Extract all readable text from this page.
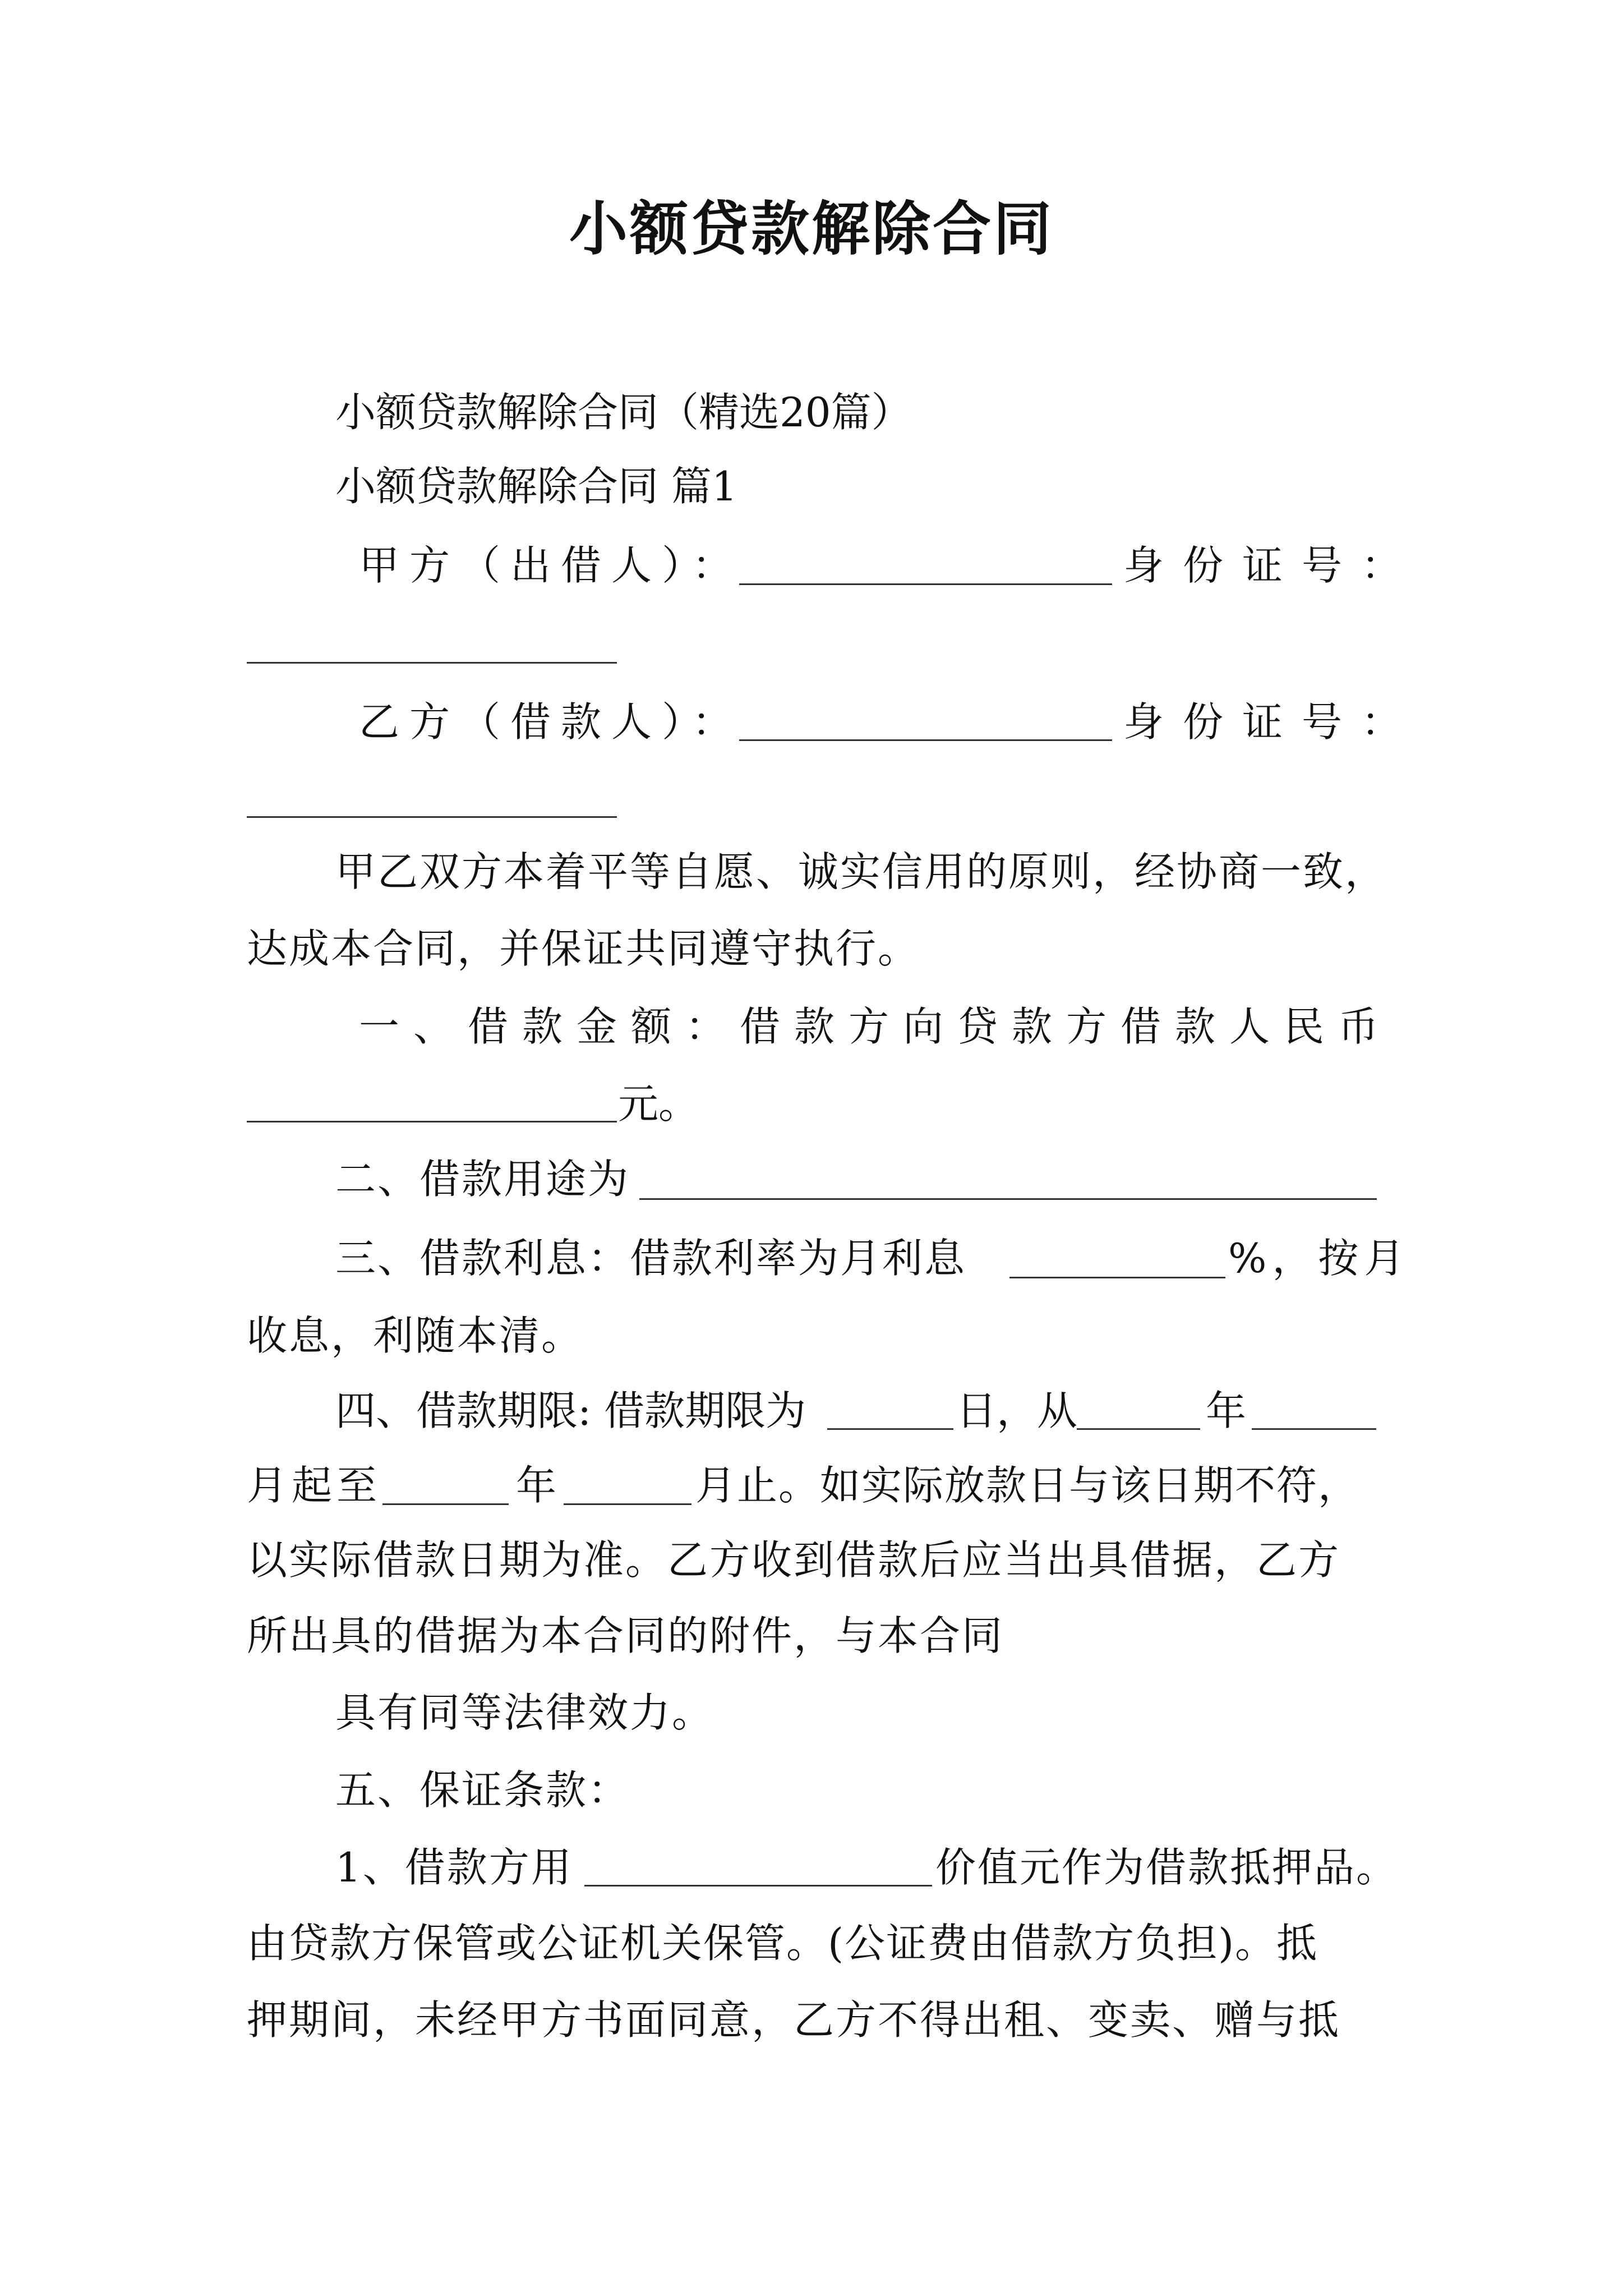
小额贷款解除合同
小额贷款解除合同（精选20篇）
小额贷款解除合同 篇1
甲方（出借人）：	身份证号：
乙方（借款人）：	身份证号：
甲乙双方本着平等自愿、诚实信用的原则，经协商一致，
达成本合同，并保证共同遵守执行。
一、借款金额：借款方向贷款方借款人民币
元。
二、借款用途为
三、借款利息：借款利率为月利息	%，按月
收息，利随本清。
四、借款期限: 借款期限为	日，从	年
月起至	年	月止。如实际放款日与该日期不符，
以实际借款日期为准。乙方收到借款后应当出具借据，乙方
所出具的借据为本合同的附件，与本合同
具有同等法律效力。
五、保证条款：
1、借款方用	价值元作为借款抵押品。
由贷款方保管或公证机关保管。(公证费由借款方负担)。抵
押期间，未经甲方书面同意，乙方不得出租、变卖、赠与抵
